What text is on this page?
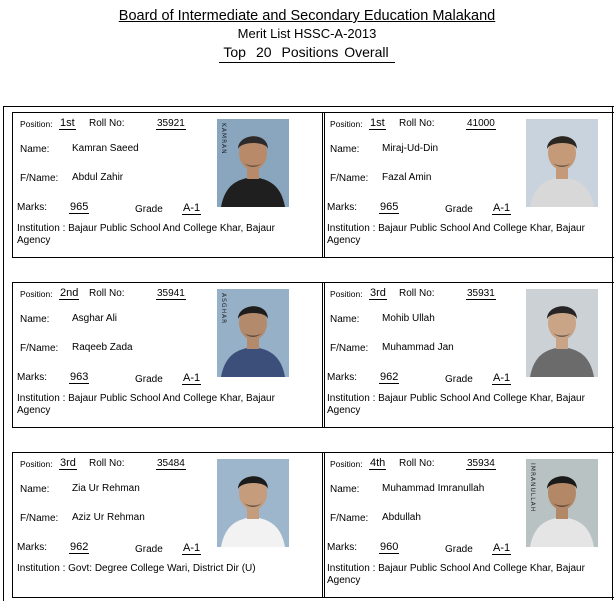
Board of Intermediate and Secondary Education Malakand
Merit List HSSC-A-2013
Top 20 Positions Overall
Position: 1st Roll No:	35921
Name: Kamran Saeed
F/Name: Abdul Zahir
Marks: 965	Grade A-1
Institution : Bajaur Public School And College Khar, Bajaur Agency
Position: 1st Roll No:	41000
Name: Miraj-Ud-Din
F/Name: Fazal Amin
Marks: 965	Grade A-1
Institution : Bajaur Public School And College Khar, Bajaur Agency
Position: 2nd Roll No:	35941
Name: Asghar Ali
F/Name: Raqeeb Zada
Marks: 963	Grade A-1
Institution : Bajaur Public School And College Khar, Bajaur Agency
Position: 3rd Roll No:	35931
Name: Mohib Ullah
F/Name: Muhammad Jan
Marks: 962	Grade A-1
Institution : Bajaur Public School And College Khar, Bajaur Agency
Position: 3rd Roll No:	35484
Name: Zia Ur Rehman
F/Name: Aziz Ur Rehman
Marks: 962	Grade A-1
Institution : Govt: Degree College Wari, District Dir (U)
Position: 4th Roll No:	35934
Name: Muhammad Imranullah
F/Name: Abdullah
Marks: 960	Grade A-1
Institution : Bajaur Public School And College Khar, Bajaur Agency
KAMRAN
ASGHAR
IMRANULLAH
